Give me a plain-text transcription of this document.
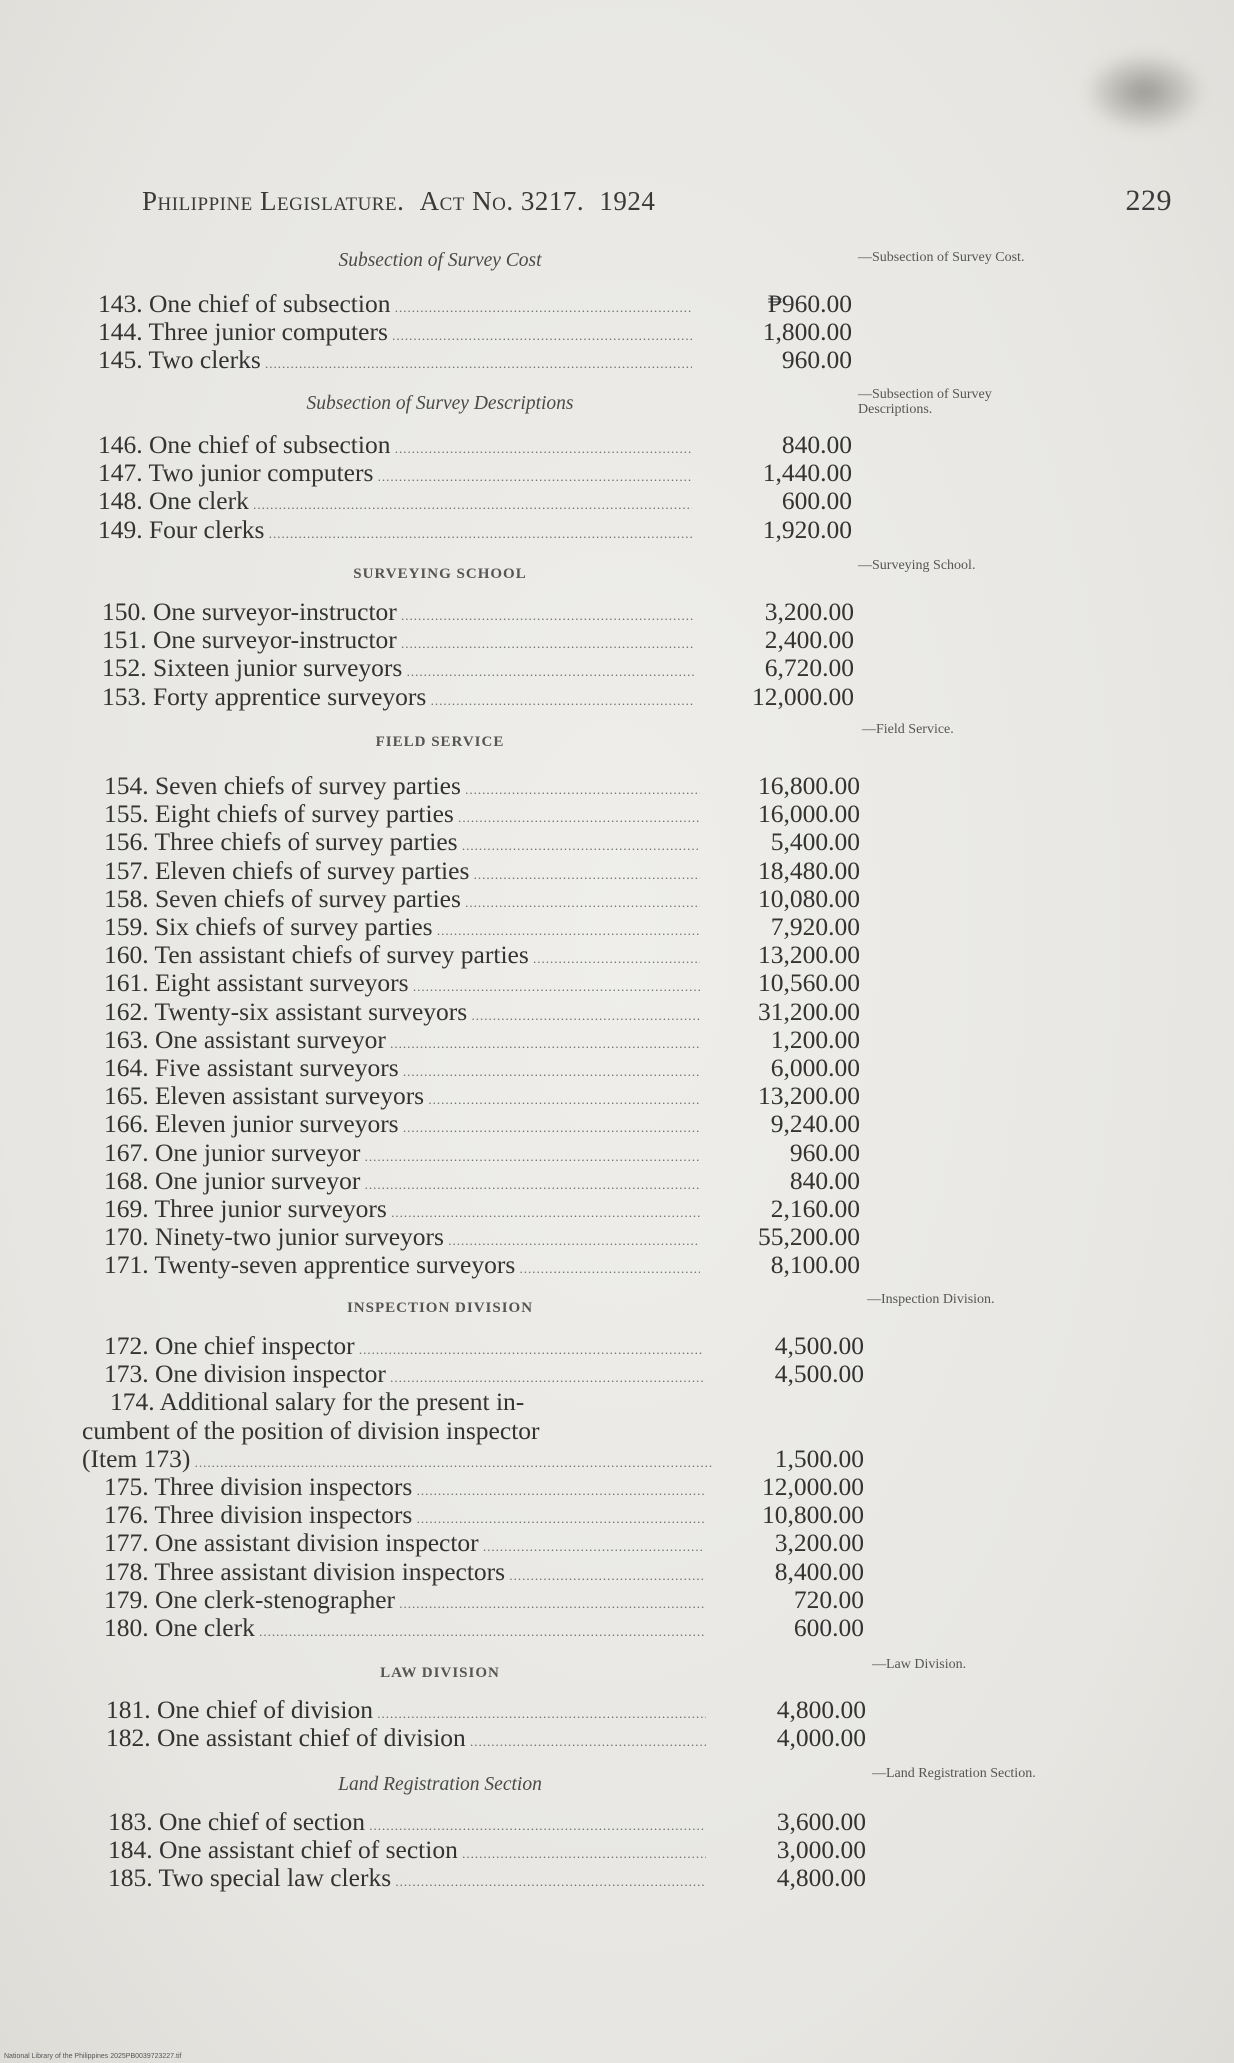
Philippine Legislature. Act No. 3217. 1924	229
Subsection of Survey Cost	—Subsection of Survey Cost.
143. One chief of subsection .....	₱960.00
144. Three junior computers .....	1,800.00
145. Two clerks .....	960.00
Subsection of Survey Descriptions	—Subsection of Survey Descriptions.
146. One chief of subsection .....	840.00
147. Two junior computers .....	1,440.00
148. One clerk .....	600.00
149. Four clerks .....	1,920.00
SURVEYING SCHOOL
—Surveying School.
150. One surveyor-instructor .....	3,200.00
151. One surveyor-instructor .....	2,400.00
152. Sixteen junior surveyors .....	6,720.00
153. Forty apprentice surveyors .....	12,000.00
FIELD SERVICE
—Field Service.
154. Seven chiefs of survey parties .....	16,800.00
155. Eight chiefs of survey parties .....	16,000.00
156. Three chiefs of survey parties .....	5,400.00
157. Eleven chiefs of survey parties .....	18,480.00
158. Seven chiefs of survey parties .....	10,080.00
159. Six chiefs of survey parties .....	7,920.00
160. Ten assistant chiefs of survey parties .....	13,200.00
161. Eight assistant surveyors .....	10,560.00
162. Twenty-six assistant surveyors .....	31,200.00
163. One assistant surveyor .....	1,200.00
164. Five assistant surveyors .....	6,000.00
165. Eleven assistant surveyors .....	13,200.00
166. Eleven junior surveyors .....	9,240.00
167. One junior surveyor .....	960.00
168. One junior surveyor .....	840.00
169. Three junior surveyors .....	2,160.00
170. Ninety-two junior surveyors .....	55,200.00
171. Twenty-seven apprentice surveyors .....	8,100.00
INSPECTION DIVISION
—Inspection Division.
172. One chief inspector .....	4,500.00
173. One division inspector .....	4,500.00
174. Additional salary for the present in-
cumbent of the position of division inspector
(Item 173) .....	1,500.00
175. Three division inspectors .....	12,000.00
176. Three division inspectors .....	10,800.00
177. One assistant division inspector .....	3,200.00
178. Three assistant division inspectors .....	8,400.00
179. One clerk-stenographer .....	720.00
180. One clerk .....	600.00
LAW DIVISION
—Law Division.
181. One chief of division .....	4,800.00
182. One assistant chief of division .....	4,000.00
Land Registration Section
—Land Registration Section.
183. One chief of section .....	3,600.00
184. One assistant chief of section .....	3,000.00
185. Two special law clerks .....	4,800.00
National Library of the Philippines 2025PB0039723227.tif
